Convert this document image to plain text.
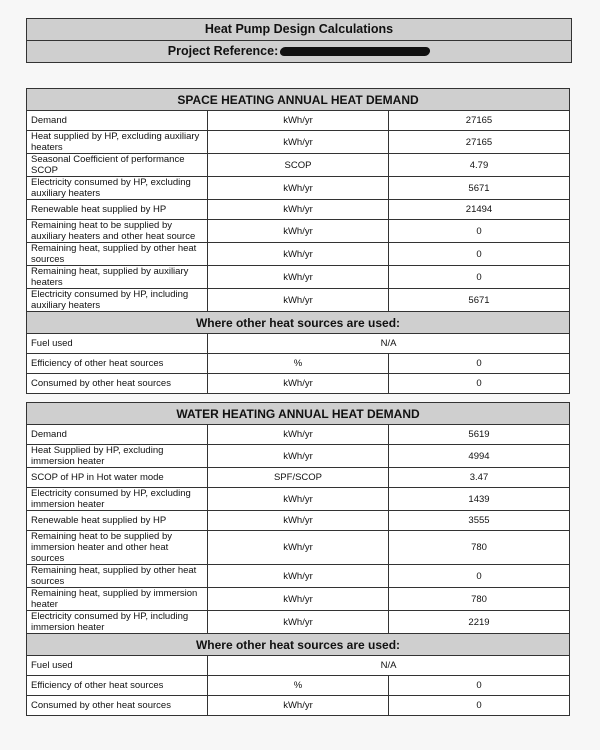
Heat Pump Design Calculations
Project Reference:
SPACE HEATING ANNUAL HEAT DEMAND		
Demand	kWh/yr	27165
Heat supplied by HP, excluding auxiliary heaters	kWh/yr	27165
Seasonal Coefficient of performance SCOP	SCOP	4.79
Electricity consumed by HP, excluding auxiliary heaters	kWh/yr	5671
Renewable heat supplied by HP	kWh/yr	21494
Remaining heat to be supplied by auxiliary heaters and other heat source	kWh/yr	0
Remaining heat, supplied by other heat sources	kWh/yr	0
Remaining heat, supplied by auxiliary heaters	kWh/yr	0
Electricity consumed by HP, including auxiliary heaters	kWh/yr	5671
Where other heat sources are used:		
Fuel used	N/A	
Efficiency of other heat sources	%	0
Consumed by other heat sources	kWh/yr	0
WATER HEATING ANNUAL HEAT DEMAND		
Demand	kWh/yr	5619
Heat Supplied by HP, excluding immersion heater	kWh/yr	4994
SCOP of HP in Hot water mode	SPF/SCOP	3.47
Electricity consumed by HP, excluding immersion heater	kWh/yr	1439
Renewable heat supplied by HP	kWh/yr	3555
Remaining heat to be supplied by immersion heater and other heat sources	kWh/yr	780
Remaining heat, supplied by other heat sources	kWh/yr	0
Remaining heat, supplied by immersion heater	kWh/yr	780
Electricity consumed by HP, including immersion heater	kWh/yr	2219
Where other heat sources are used:		
Fuel used	N/A	
Efficiency of other heat sources	%	0
Consumed by other heat sources	kWh/yr	0
